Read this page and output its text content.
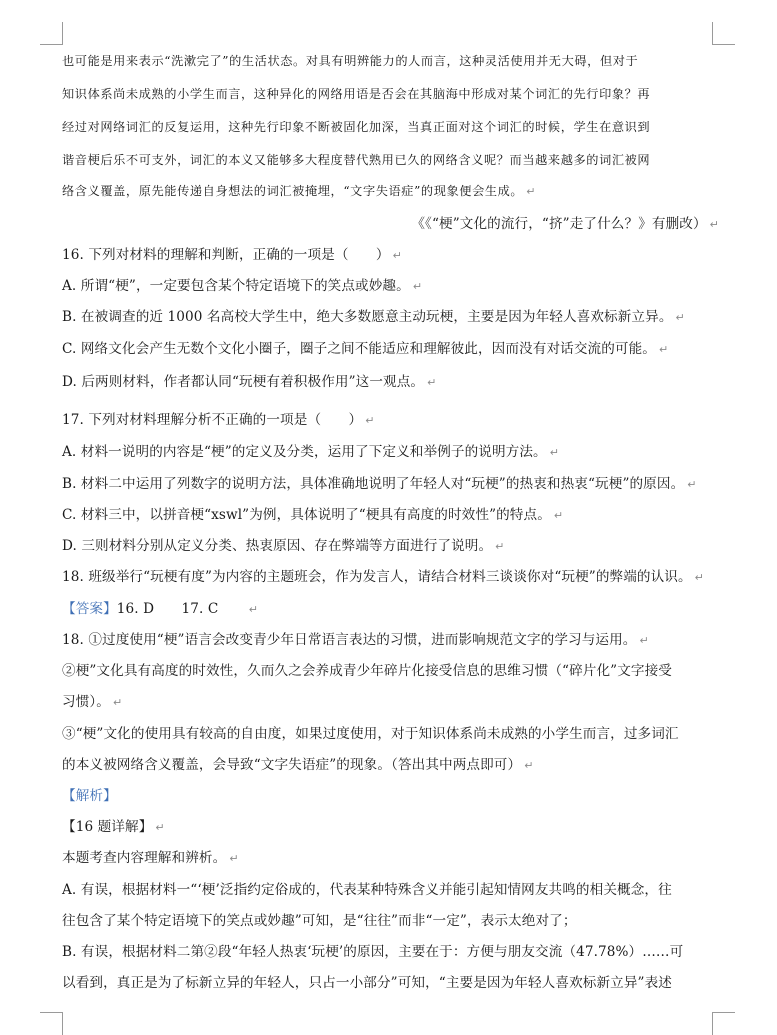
也可能是用来表示“洗漱完了”的生活状态。对具有明辨能力的人而言，这种灵活使用并无大碍，但对于
知识体系尚未成熟的小学生而言，这种异化的网络用语是否会在其脑海中形成对某个词汇的先行印象？再
经过对网络词汇的反复运用，这种先行印象不断被固化加深，当真正面对这个词汇的时候，学生在意识到
谐音梗后乐不可支外，词汇的本义又能够多大程度替代熟用已久的网络含义呢？而当越来越多的词汇被网
络含义覆盖，原先能传递自身想法的词汇被掩埋，“文字失语症”的现象便会生成。 ↵
《《“梗”文化的流行，“挤”走了什么？》有删改） ↵
16. 下列对材料的理解和判断，正确的一项是（　　） ↵
A. 所谓“梗”，一定要包含某个特定语境下的笑点或妙趣。 ↵
B. 在被调查的近 1000 名高校大学生中，绝大多数愿意主动玩梗，主要是因为年轻人喜欢标新立异。 ↵
C. 网络文化会产生无数个文化小圈子，圈子之间不能适应和理解彼此，因而没有对话交流的可能。 ↵
D. 后两则材料，作者都认同“玩梗有着积极作用”这一观点。 ↵
17. 下列对材料理解分析不正确的一项是（　　） ↵
A. 材料一说明的内容是“梗”的定义及分类，运用了下定义和举例子的说明方法。 ↵
B. 材料二中运用了列数字的说明方法，具体准确地说明了年轻人对“玩梗”的热衷和热衷“玩梗”的原因。 ↵
C. 材料三中，以拼音梗“xswl”为例，具体说明了“梗具有高度的时效性”的特点。 ↵
D. 三则材料分别从定义分类、热衷原因、存在弊端等方面进行了说明。 ↵
18. 班级举行“玩梗有度”为内容的主题班会，作为发言人，请结合材料三谈谈你对“玩梗”的弊端的认识。 ↵
【答案】16. D　　17. C　　↵
18. ①过度使用“梗”语言会改变青少年日常语言表达的习惯，进而影响规范文字的学习与运用。 ↵
②梗”文化具有高度的时效性，久而久之会养成青少年碎片化接受信息的思维习惯（“碎片化”文字接受
习惯）。 ↵
③“梗”文化的使用具有较高的自由度，如果过度使用，对于知识体系尚未成熟的小学生而言，过多词汇
的本义被网络含义覆盖，会导致“文字失语症”的现象。（答出其中两点即可） ↵
【解析】
【16 题详解】 ↵
本题考查内容理解和辨析。 ↵
A. 有误，根据材料一“‘梗’泛指约定俗成的，代表某种特殊含义并能引起知情网友共鸣的相关概念，往
往包含了某个特定语境下的笑点或妙趣”可知，是“往往”而非“一定”，表示太绝对了；
B. 有误，根据材料二第②段“年轻人热衷‘玩梗’的原因，主要在于：方便与朋友交流（47.78%）……可
以看到，真正是为了标新立异的年轻人，只占一小部分”可知，“主要是因为年轻人喜欢标新立异”表述
